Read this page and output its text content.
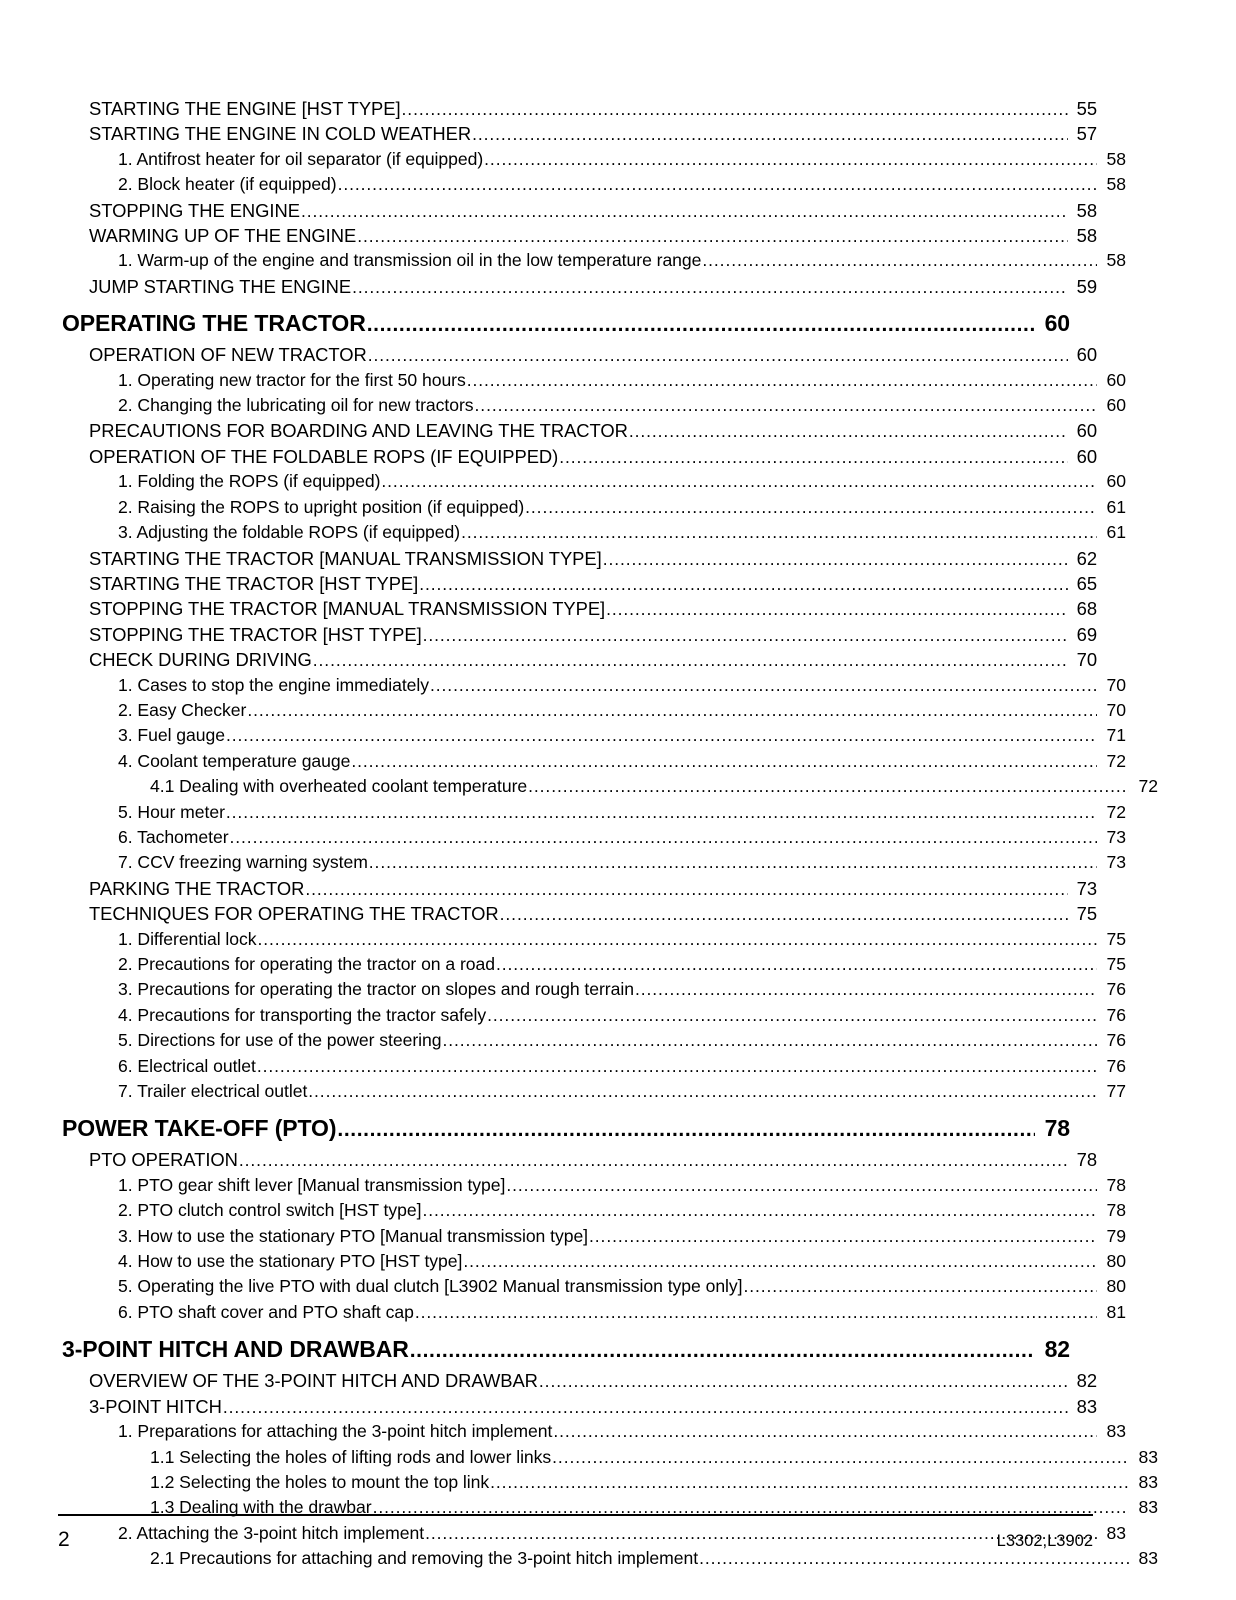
STARTING THE ENGINE [HST TYPE] .....	55
STARTING THE ENGINE IN COLD WEATHER .....	57
1. Antifrost heater for oil separator (if equipped) .....	58
2. Block heater (if equipped) .....	58
STOPPING THE ENGINE .....	58
WARMING UP OF THE ENGINE .....	58
1. Warm-up of the engine and transmission oil in the low temperature range .....	58
JUMP STARTING THE ENGINE .....	59
OPERATING THE TRACTOR .....	60
OPERATION OF NEW TRACTOR .....	60
1. Operating new tractor for the first 50 hours .....	60
2. Changing the lubricating oil for new tractors .....	60
PRECAUTIONS FOR BOARDING AND LEAVING THE TRACTOR .....	60
OPERATION OF THE FOLDABLE ROPS (IF EQUIPPED) .....	60
1. Folding the ROPS (if equipped) .....	60
2. Raising the ROPS to upright position (if equipped) .....	61
3. Adjusting the foldable ROPS (if equipped) .....	61
STARTING THE TRACTOR [MANUAL TRANSMISSION TYPE] .....	62
STARTING THE TRACTOR [HST TYPE] .....	65
STOPPING THE TRACTOR [MANUAL TRANSMISSION TYPE] .....	68
STOPPING THE TRACTOR [HST TYPE] .....	69
CHECK DURING DRIVING .....	70
1. Cases to stop the engine immediately .....	70
2. Easy Checker .....	70
3. Fuel gauge .....	71
4. Coolant temperature gauge .....	72
4.1 Dealing with overheated coolant temperature .....	72
5. Hour meter .....	72
6. Tachometer .....	73
7. CCV freezing warning system .....	73
PARKING THE TRACTOR .....	73
TECHNIQUES FOR OPERATING THE TRACTOR .....	75
1. Differential lock .....	75
2. Precautions for operating the tractor on a road .....	75
3. Precautions for operating the tractor on slopes and rough terrain .....	76
4. Precautions for transporting the tractor safely .....	76
5. Directions for use of the power steering .....	76
6. Electrical outlet .....	76
7. Trailer electrical outlet .....	77
POWER TAKE-OFF (PTO) .....	78
PTO OPERATION .....	78
1. PTO gear shift lever [Manual transmission type] .....	78
2. PTO clutch control switch [HST type] .....	78
3. How to use the stationary PTO [Manual transmission type] .....	79
4. How to use the stationary PTO [HST type] .....	80
5. Operating the live PTO with dual clutch [L3902 Manual transmission type only] .....	80
6. PTO shaft cover and PTO shaft cap .....	81
3-POINT HITCH AND DRAWBAR .....	82
OVERVIEW OF THE 3-POINT HITCH AND DRAWBAR .....	82
3-POINT HITCH .....	83
1. Preparations for attaching the 3-point hitch implement .....	83
1.1 Selecting the holes of lifting rods and lower links .....	83
1.2 Selecting the holes to mount the top link .....	83
1.3 Dealing with the drawbar .....	83
2. Attaching the 3-point hitch implement .....	83
2.1 Precautions for attaching and removing the 3-point hitch implement .....	83
2	L3302,L3902
